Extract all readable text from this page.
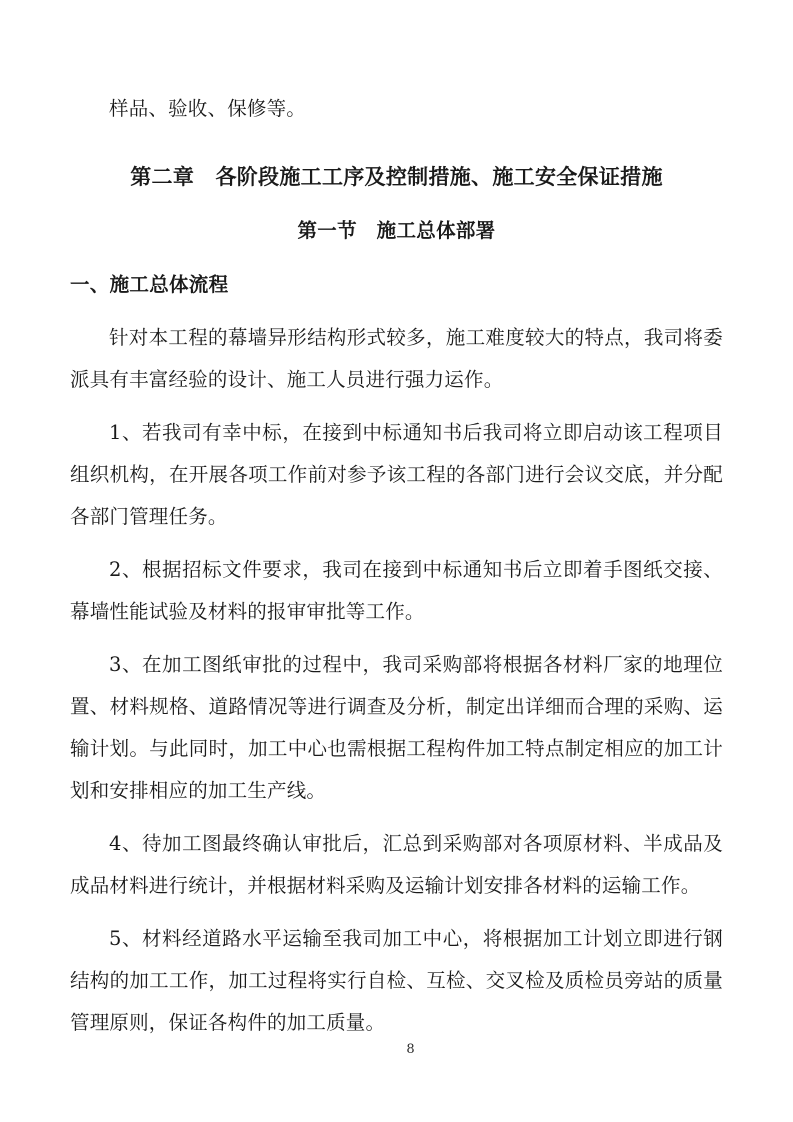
样品、验收、保修等。

第二章　各阶段施工工序及控制措施、施工安全保证措施
第一节　施工总体部署
一、施工总体流程

针对本工程的幕墙异形结构形式较多，施工难度较大的特点，我司将委派具有丰富经验的设计、施工人员进行强力运作。

1、若我司有幸中标，在接到中标通知书后我司将立即启动该工程项目组织机构，在开展各项工作前对参予该工程的各部门进行会议交底，并分配各部门管理任务。

2、根据招标文件要求，我司在接到中标通知书后立即着手图纸交接、幕墙性能试验及材料的报审审批等工作。

3、在加工图纸审批的过程中，我司采购部将根据各材料厂家的地理位置、材料规格、道路情况等进行调查及分析，制定出详细而合理的采购、运输计划。与此同时，加工中心也需根据工程构件加工特点制定相应的加工计划和安排相应的加工生产线。

4、待加工图最终确认审批后，汇总到采购部对各项原材料、半成品及成品材料进行统计，并根据材料采购及运输计划安排各材料的运输工作。

5、材料经道路水平运输至我司加工中心，将根据加工计划立即进行钢结构的加工工作，加工过程将实行自检、互检、交叉检及质检员旁站的质量管理原则，保证各构件的加工质量。

8
